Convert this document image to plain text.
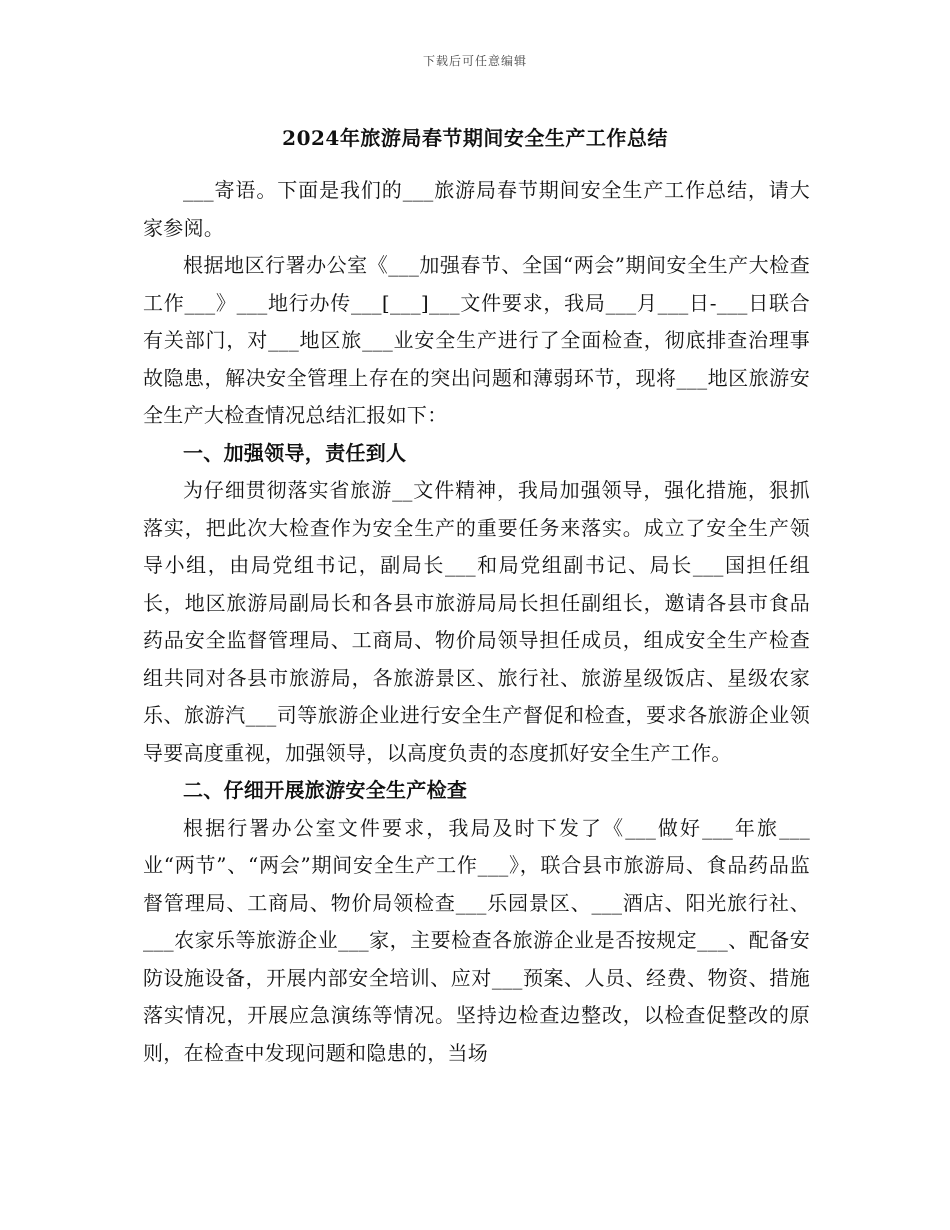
下载后可任意编辑
2024年旅游局春节期间安全生产工作总结

___寄语。下面是我们的___旅游局春节期间安全生产工作总结，请大家参阅。

根据地区行署办公室《___加强春节、全国“两会”期间安全生产大检查工作___》___地行办传___[___]___文件要求，我局___月___日-___日联合有关部门，对___地区旅___业安全生产进行了全面检查，彻底排查治理事故隐患，解决安全管理上存在的突出问题和薄弱环节，现将___地区旅游安全生产大检查情况总结汇报如下：

一、加强领导，责任到人

为仔细贯彻落实省旅游__文件精神，我局加强领导，强化措施，狠抓落实，把此次大检查作为安全生产的重要任务来落实。成立了安全生产领导小组，由局党组书记，副局长___和局党组副书记、局长___国担任组长，地区旅游局副局长和各县市旅游局局长担任副组长，邀请各县市食品药品安全监督管理局、工商局、物价局领导担任成员，组成安全生产检查组共同对各县市旅游局，各旅游景区、旅行社、旅游星级饭店、星级农家乐、旅游汽___司等旅游企业进行安全生产督促和检查，要求各旅游企业领导要高度重视，加强领导，以高度负责的态度抓好安全生产工作。

二、仔细开展旅游安全生产检查

根据行署办公室文件要求，我局及时下发了《___做好___年旅___业“两节”、“两会”期间安全生产工作___》，联合县市旅游局、食品药品监督管理局、工商局、物价局领检查___乐园景区、___酒店、阳光旅行社、___农家乐等旅游企业___家，主要检查各旅游企业是否按规定___、配备安防设施设备，开展内部安全培训、应对___预案、人员、经费、物资、措施落实情况，开展应急演练等情况。坚持边检查边整改，以检查促整改的原则，在检查中发现问题和隐患的，当场
